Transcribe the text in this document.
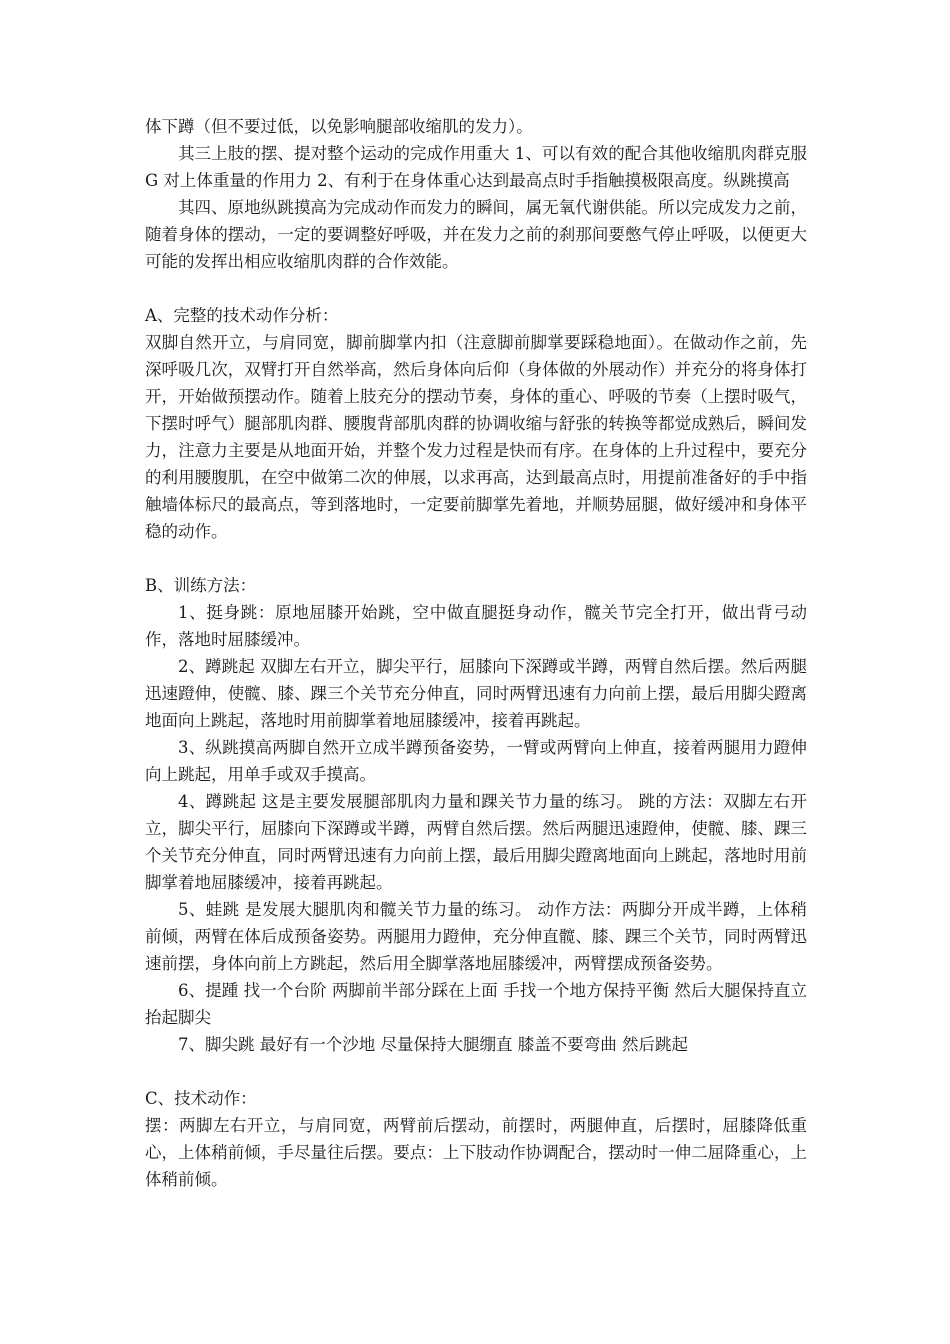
体下蹲（但不要过低，以免影响腿部收缩肌的发力）。

其三上肢的摆、提对整个运动的完成作用重大 1、可以有效的配合其他收缩肌肉群克服 G 对上体重量的作用力 2、有利于在身体重心达到最高点时手指触摸极限高度。纵跳摸高

其四、原地纵跳摸高为完成动作而发力的瞬间，属无氧代谢供能。所以完成发力之前，随着身体的摆动，一定的要调整好呼吸，并在发力之前的刹那间要憋气停止呼吸，以便更大可能的发挥出相应收缩肌肉群的合作效能。

A、完整的技术动作分析：

双脚自然开立，与肩同宽，脚前脚掌内扣（注意脚前脚掌要踩稳地面）。在做动作之前，先深呼吸几次，双臂打开自然举高，然后身体向后仰（身体做的外展动作）并充分的将身体打开，开始做预摆动作。随着上肢充分的摆动节奏，身体的重心、呼吸的节奏（上摆时吸气，下摆时呼气）腿部肌肉群、腰腹背部肌肉群的协调收缩与舒张的转换等都觉成熟后，瞬间发力，注意力主要是从地面开始，并整个发力过程是快而有序。在身体的上升过程中，要充分的利用腰腹肌，在空中做第二次的伸展，以求再高，达到最高点时，用提前准备好的手中指触墙体标尺的最高点，等到落地时，一定要前脚掌先着地，并顺势屈腿，做好缓冲和身体平稳的动作。

B、训练方法：

1、挺身跳：原地屈膝开始跳，空中做直腿挺身动作，髋关节完全打开，做出背弓动作，落地时屈膝缓冲。

2、蹲跳起 双脚左右开立，脚尖平行，屈膝向下深蹲或半蹲，两臂自然后摆。然后两腿迅速蹬伸，使髋、膝、踝三个关节充分伸直，同时两臂迅速有力向前上摆，最后用脚尖蹬离地面向上跳起，落地时用前脚掌着地屈膝缓冲，接着再跳起。

3、纵跳摸高两脚自然开立成半蹲预备姿势，一臂或两臂向上伸直，接着两腿用力蹬伸向上跳起，用单手或双手摸高。

4、蹲跳起 这是主要发展腿部肌肉力量和踝关节力量的练习。 跳的方法：双脚左右开立，脚尖平行，屈膝向下深蹲或半蹲，两臂自然后摆。然后两腿迅速蹬伸，使髋、膝、踝三个关节充分伸直，同时两臂迅速有力向前上摆，最后用脚尖蹬离地面向上跳起，落地时用前脚掌着地屈膝缓冲，接着再跳起。

5、蛙跳 是发展大腿肌肉和髋关节力量的练习。 动作方法：两脚分开成半蹲，上体稍前倾，两臂在体后成预备姿势。两腿用力蹬伸，充分伸直髋、膝、踝三个关节，同时两臂迅速前摆，身体向前上方跳起，然后用全脚掌落地屈膝缓冲，两臂摆成预备姿势。

6、提踵 找一个台阶 两脚前半部分踩在上面 手找一个地方保持平衡 然后大腿保持直立 抬起脚尖

7、脚尖跳 最好有一个沙地 尽量保持大腿绷直 膝盖不要弯曲 然后跳起

C、技术动作：

摆：两脚左右开立，与肩同宽，两臂前后摆动，前摆时，两腿伸直，后摆时，屈膝降低重心，上体稍前倾，手尽量往后摆。要点：上下肢动作协调配合，摆动时一伸二屈降重心，上体稍前倾。
